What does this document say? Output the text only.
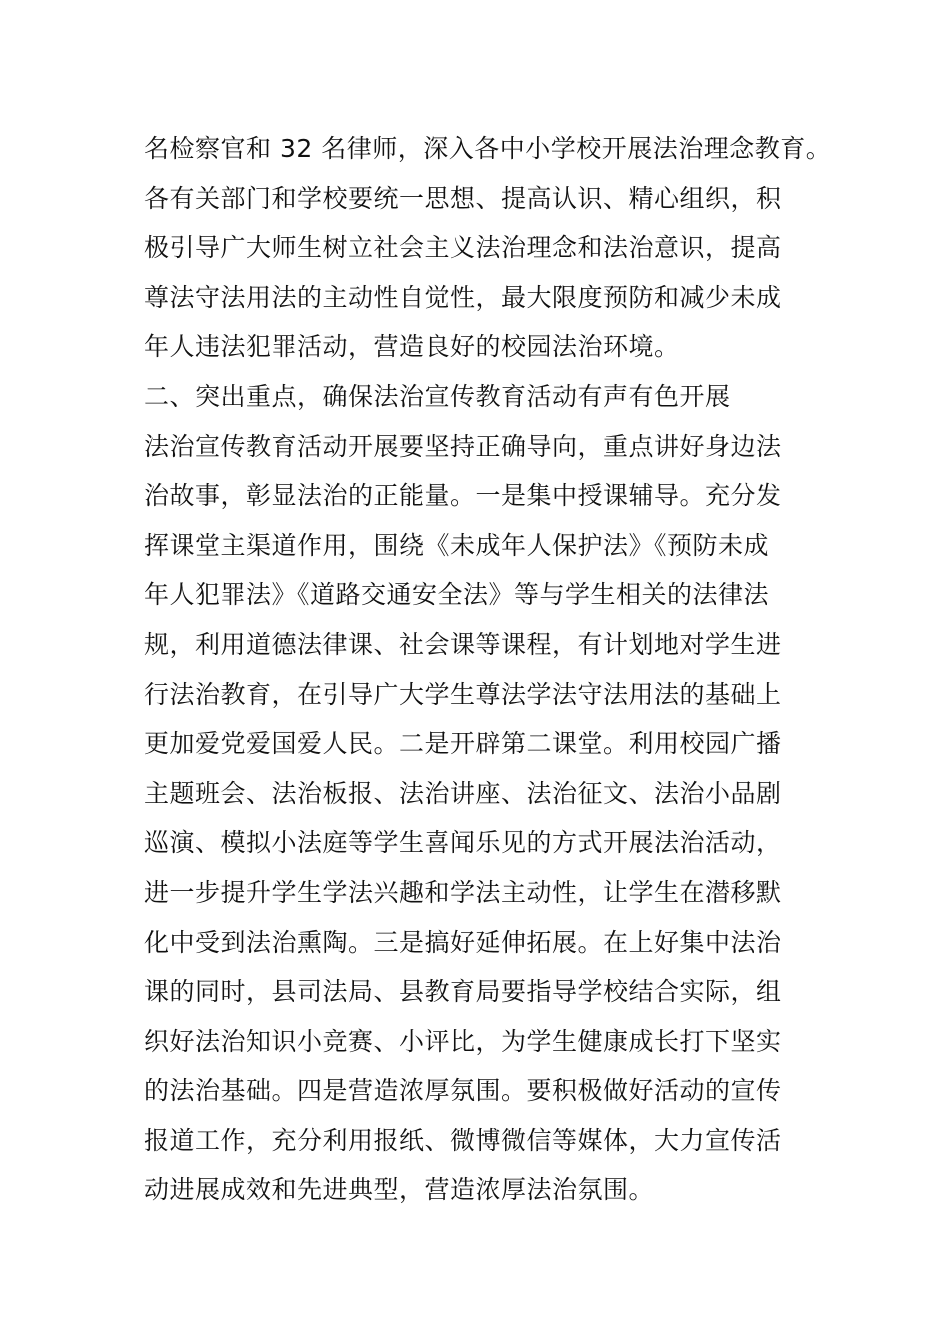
名检察官和 32 名律师，深入各中小学校开展法治理念教育。
各有关部门和学校要统一思想、提高认识、精心组织，积
极引导广大师生树立社会主义法治理念和法治意识，提高
尊法守法用法的主动性自觉性，最大限度预防和减少未成
年人违法犯罪活动，营造良好的校园法治环境。
二、突出重点，确保法治宣传教育活动有声有色开展
法治宣传教育活动开展要坚持正确导向，重点讲好身边法
治故事，彰显法治的正能量。一是集中授课辅导。充分发
挥课堂主渠道作用，围绕《未成年人保护法》《预防未成
年人犯罪法》《道路交通安全法》等与学生相关的法律法
规，利用道德法律课、社会课等课程，有计划地对学生进
行法治教育，在引导广大学生尊法学法守法用法的基础上
更加爱党爱国爱人民。二是开辟第二课堂。利用校园广播
主题班会、法治板报、法治讲座、法治征文、法治小品剧
巡演、模拟小法庭等学生喜闻乐见的方式开展法治活动，
进一步提升学生学法兴趣和学法主动性，让学生在潜移默
化中受到法治熏陶。三是搞好延伸拓展。在上好集中法治
课的同时，县司法局、县教育局要指导学校结合实际，组
织好法治知识小竞赛、小评比，为学生健康成长打下坚实
的法治基础。四是营造浓厚氛围。要积极做好活动的宣传
报道工作，充分利用报纸、微博微信等媒体，大力宣传活
动进展成效和先进典型，营造浓厚法治氛围。
